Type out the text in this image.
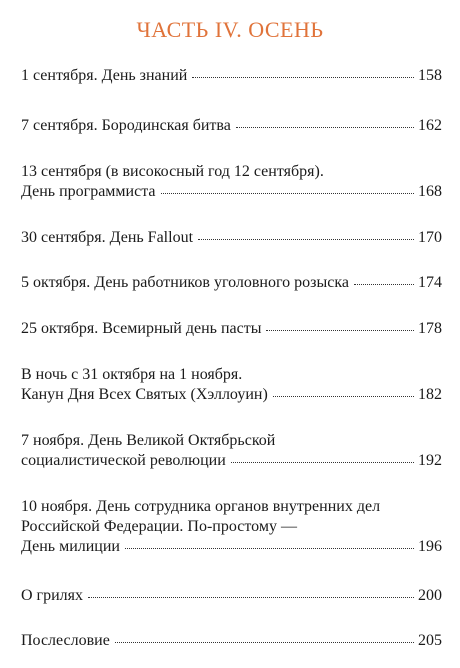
ЧАСТЬ IV. ОСЕНЬ
1 сентября. День знаний	158
7 сентября. Бородинская битва	162
13 сентября (в високосный год 12 сентября).
День программиста	168
30 сентября. День Fallout	170
5 октября. День работников уголовного розыска	174
25 октября. Всемирный день пасты	178
В ночь с 31 октября на 1 ноября.
Канун Дня Всех Святых (Хэллоуин)	182
7 ноября. День Великой Октябрьской
социалистической революции	192
10 ноября. День сотрудника органов внутренних дел
Российской Федерации. По-простому —
День милиции	196
О грилях	200
Послесловие	205
